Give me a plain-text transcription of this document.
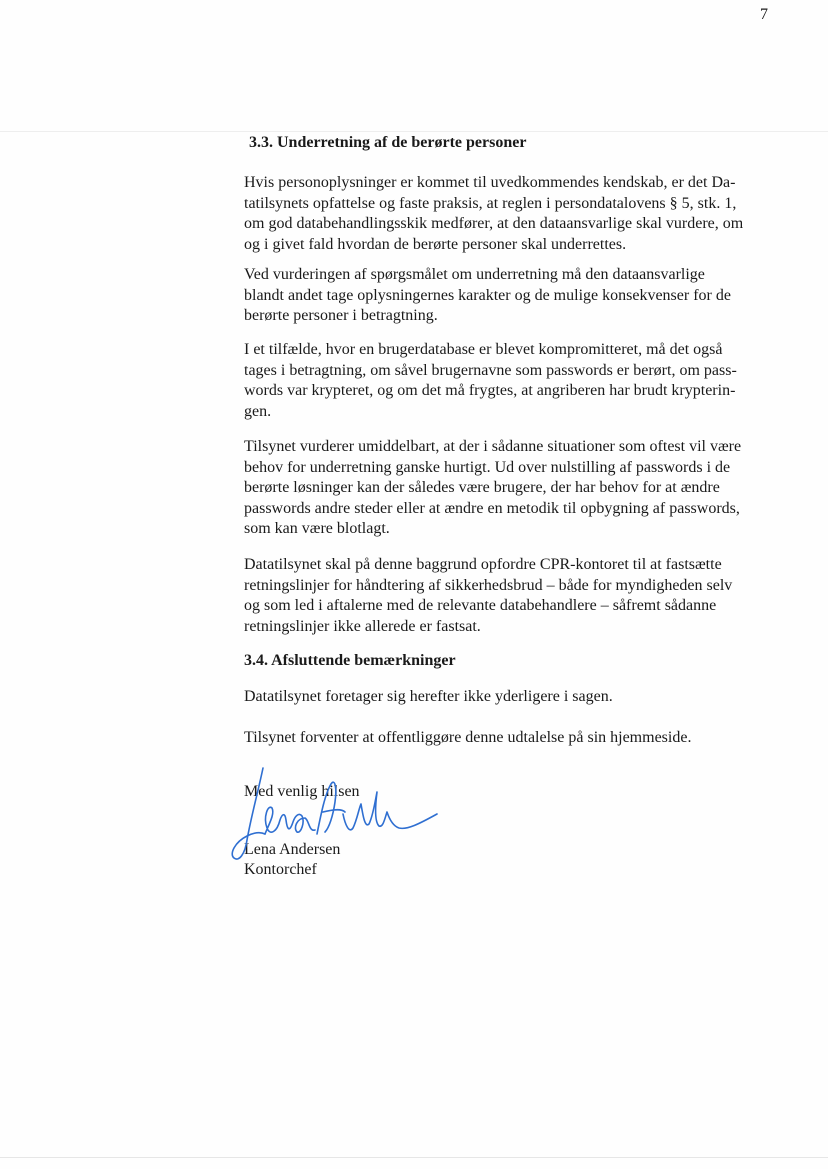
7
3.3. Underretning af de berørte personer

Hvis personoplysninger er kommet til uvedkommendes kendskab, er det Da-
tatilsynets opfattelse og faste praksis, at reglen i persondatalovens § 5, stk. 1,
om god databehandlingsskik medfører, at den dataansvarlige skal vurdere, om
og i givet fald hvordan de berørte personer skal underrettes.

Ved vurderingen af spørgsmålet om underretning må den dataansvarlige
blandt andet tage oplysningernes karakter og de mulige konsekvenser for de
berørte personer i betragtning.

I et tilfælde, hvor en brugerdatabase er blevet kompromitteret, må det også
tages i betragtning, om såvel brugernavne som passwords er berørt, om pass-
words var krypteret, og om det må frygtes, at angriberen har brudt krypterin-
gen.

Tilsynet vurderer umiddelbart, at der i sådanne situationer som oftest vil være
behov for underretning ganske hurtigt. Ud over nulstilling af passwords i de
berørte løsninger kan der således være brugere, der har behov for at ændre
passwords andre steder eller at ændre en metodik til opbygning af passwords,
som kan være blotlagt.

Datatilsynet skal på denne baggrund opfordre CPR-kontoret til at fastsætte
retningslinjer for håndtering af sikkerhedsbrud – både for myndigheden selv
og som led i aftalerne med de relevante databehandlere – såfremt sådanne
retningslinjer ikke allerede er fastsat.

3.4. Afsluttende bemærkninger

Datatilsynet foretager sig herefter ikke yderligere i sagen.

Tilsynet forventer at offentliggøre denne udtalelse på sin hjemmeside.

Med venlig hilsen
Lena Andersen
Kontorchef
